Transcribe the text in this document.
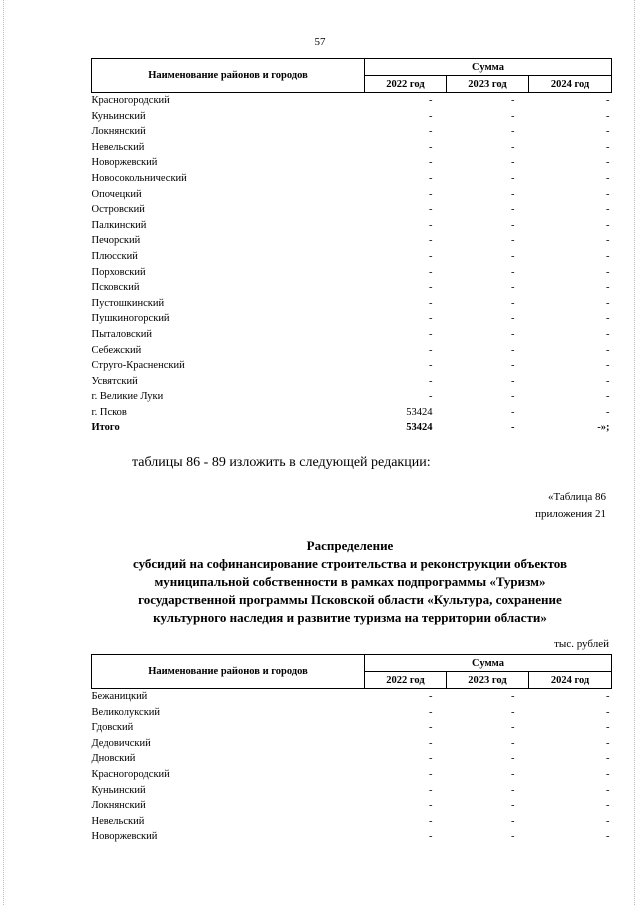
57
Наименование районов и городов	Сумма		
	2022 год	2023 год	2024 год
Красногородский	-	-	-
Куньинский	-	-	-
Локнянский	-	-	-
Невельский	-	-	-
Новоржевский	-	-	-
Новосокольнический	-	-	-
Опочецкий	-	-	-
Островский	-	-	-
Палкинский	-	-	-
Печорский	-	-	-
Плюсский	-	-	-
Порховский	-	-	-
Псковский	-	-	-
Пустошкинский	-	-	-
Пушкиногорский	-	-	-
Пыталовский	-	-	-
Себежский	-	-	-
Струго-Красненский	-	-	-
Усвятский	-	-	-
г. Великие Луки	-	-	-
г. Псков	53424	-	-
Итого	53424	-	-»;
таблицы 86 - 89 изложить в следующей редакции:
«Таблица 86
приложения 21
Распределение
субсидий на софинансирование строительства и реконструкции объектов
муниципальной собственности в рамках подпрограммы «Туризм»
государственной программы Псковской области «Культура, сохранение
культурного наследия и развитие туризма на территории области»
тыс. рублей
Наименование районов и городов	Сумма		
	2022 год	2023 год	2024 год
Бежаницкий	-	-	-
Великолукский	-	-	-
Гдовский	-	-	-
Дедовичский	-	-	-
Дновский	-	-	-
Красногородский	-	-	-
Куньинский	-	-	-
Локнянский	-	-	-
Невельский	-	-	-
Новоржевский	-	-	-
